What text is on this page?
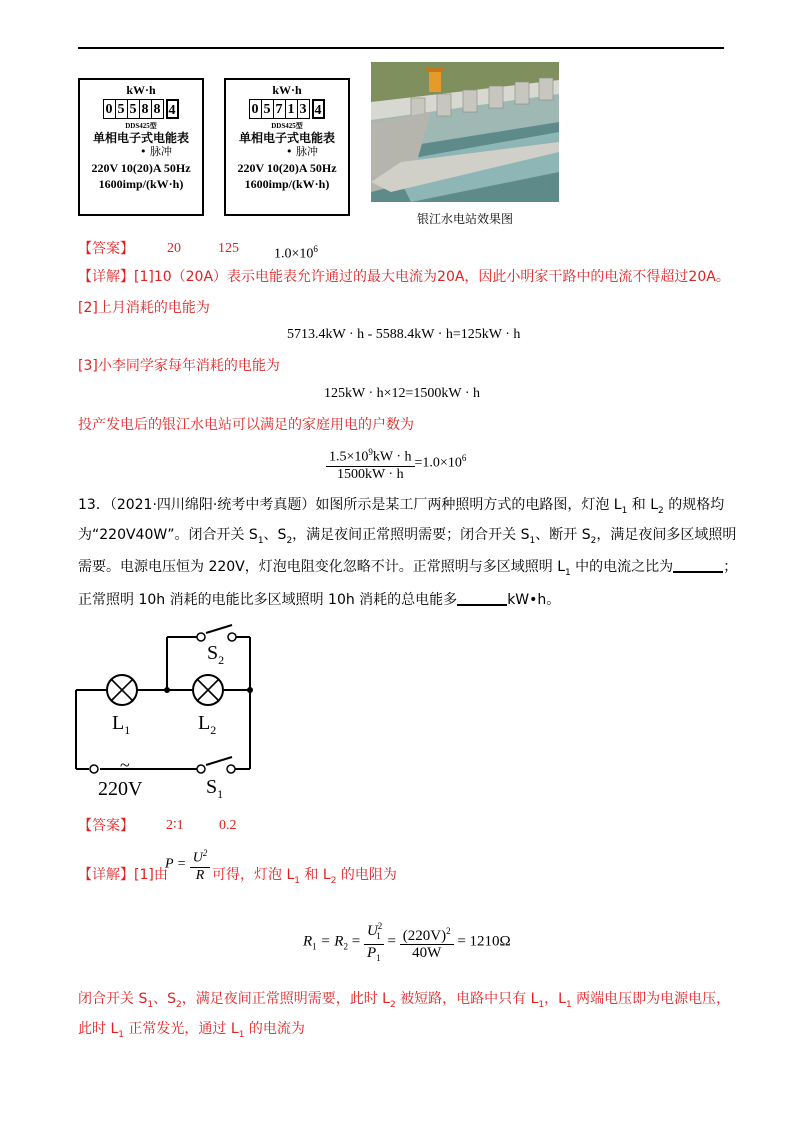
kW·h
0 5 5 8 8 4
DDS425型
单相电子式电能表
• 脉冲
220V 10(20)A 50Hz
1600imp/(kW·h)
kW·h
0 5 7 1 3 4
DDS425型
单相电子式电能表
• 脉冲
220V 10(20)A 50Hz
1600imp/(kW·h)
银江水电站效果图
【答案】 20	125	$1.0\times 10^6$
【详解】[1]10（20A）表示电能表允许通过的最大电流为20A，因此小明家干路中的电流不得超过20A。
[2]上月消耗的电能为
5713.4kW · h - 5588.4kW · h=125kW · h
[3]小李同学家每年消耗的电能为
125kW · h×12=1500kW · h
投产发电后的银江水电站可以满足的家庭用电的户数为
$\frac{1.5\times 10^9kW \cdot h}{1500kW \cdot h} =1.0\times 10^6$
13．（2021·四川绵阳·统考中考真题）如图所示是某工厂两种照明方式的电路图，灯泡 $L_1$ 和 $L_2$ 的规格均
为“220V40W”。闭合开关 $S_1$、$S_2$，满足夜间正常照明需要；闭合开关 $S_1$、断开 $S_2$，满足夜间多区域照明
需要。电源电压恒为 220V，灯泡电阻变化忽略不计。正常照明与多区域照明 $L_1$ 中的电流之比为	；
正常照明 10h 消耗的电能比多区域照明 10h 消耗的总电能多	kW•h。
$S_2$
$L_1$	$L_2$
~
220V	$S_1$
【答案】 2∶1	0.2
【详解】[1]由
$P = \frac{U^2}{R}$ 可得，灯泡 $L_1$ 和 $L_2$ 的电阻为
$R_1 = R_2 = \frac{U^2_1}{P_1} = \frac{(220V)^2}{40W} = 1210\Omega$
闭合开关 $S_1$、$S_2$，满足夜间正常照明需要，此时 $L_2$ 被短路，电路中只有 $L_1$，$L_1$ 两端电压即为电源电压，
此时 $L_1$ 正常发光，通过 $L_1$ 的电流为
